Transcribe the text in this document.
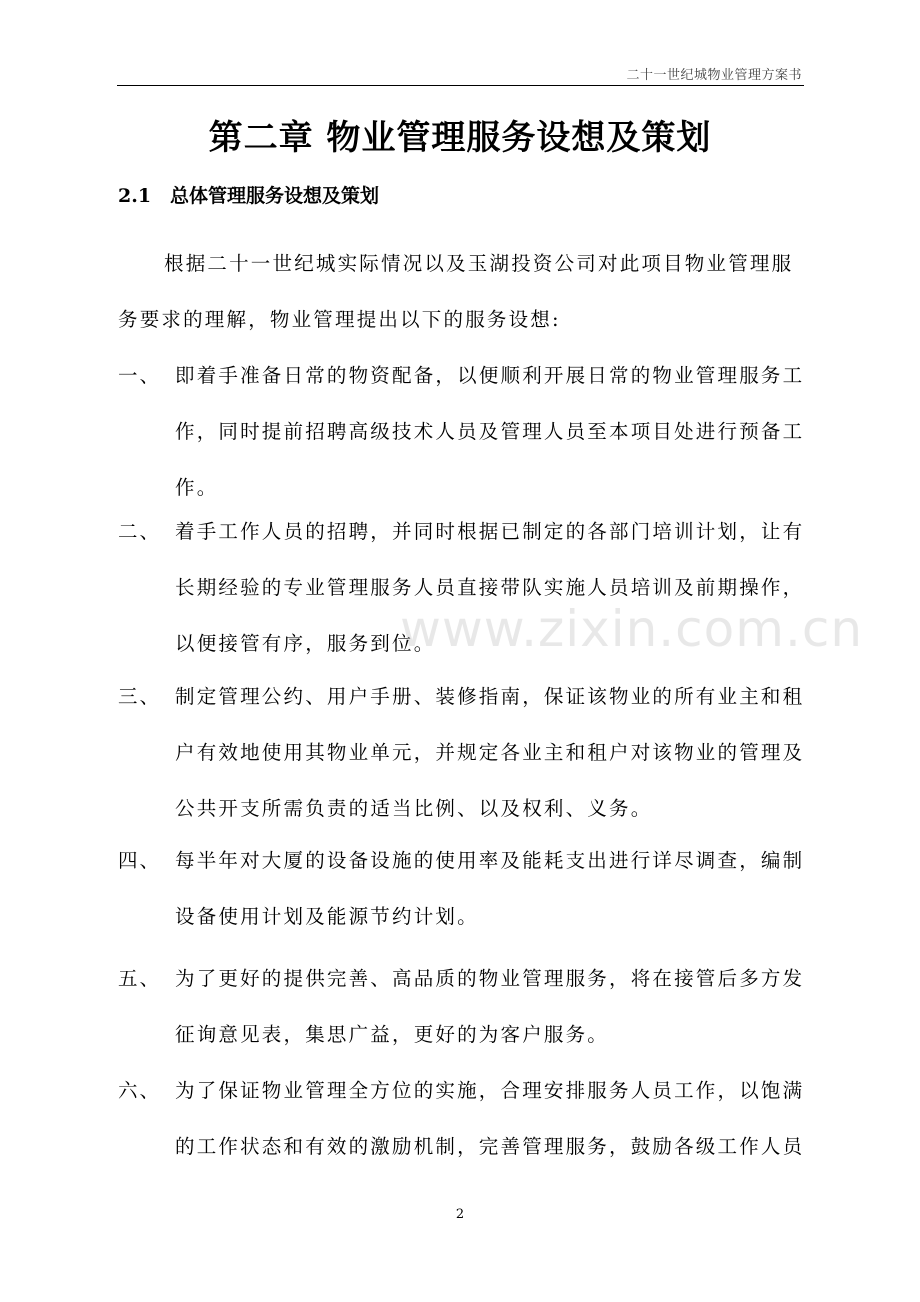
二十一世纪城物业管理方案书
第二章 物业管理服务设想及策划
2.1 总体管理服务设想及策划

根据二十一世纪城实际情况以及玉湖投资公司对此项目物业管理服务要求的理解，物业管理提出以下的服务设想:

一、 即着手准备日常的物资配备，以便顺利开展日常的物业管理服务工作，同时提前招聘高级技术人员及管理人员至本项目处进行预备工作。

二、 着手工作人员的招聘，并同时根据已制定的各部门培训计划，让有长期经验的专业管理服务人员直接带队实施人员培训及前期操作，以便接管有序，服务到位。

三、 制定管理公约、用户手册、装修指南，保证该物业的所有业主和租户有效地使用其物业单元，并规定各业主和租户对该物业的管理及公共开支所需负责的适当比例、以及权利、义务。

四、 每半年对大厦的设备设施的使用率及能耗支出进行详尽调查，编制设备使用计划及能源节约计划。

五、 为了更好的提供完善、高品质的物业管理服务，将在接管后多方发征询意见表，集思广益，更好的为客户服务。

六、 为了保证物业管理全方位的实施，合理安排服务人员工作，以饱满的工作状态和有效的激励机制，完善管理服务，鼓励各级工作人员

www.zixin.com.cn
2
